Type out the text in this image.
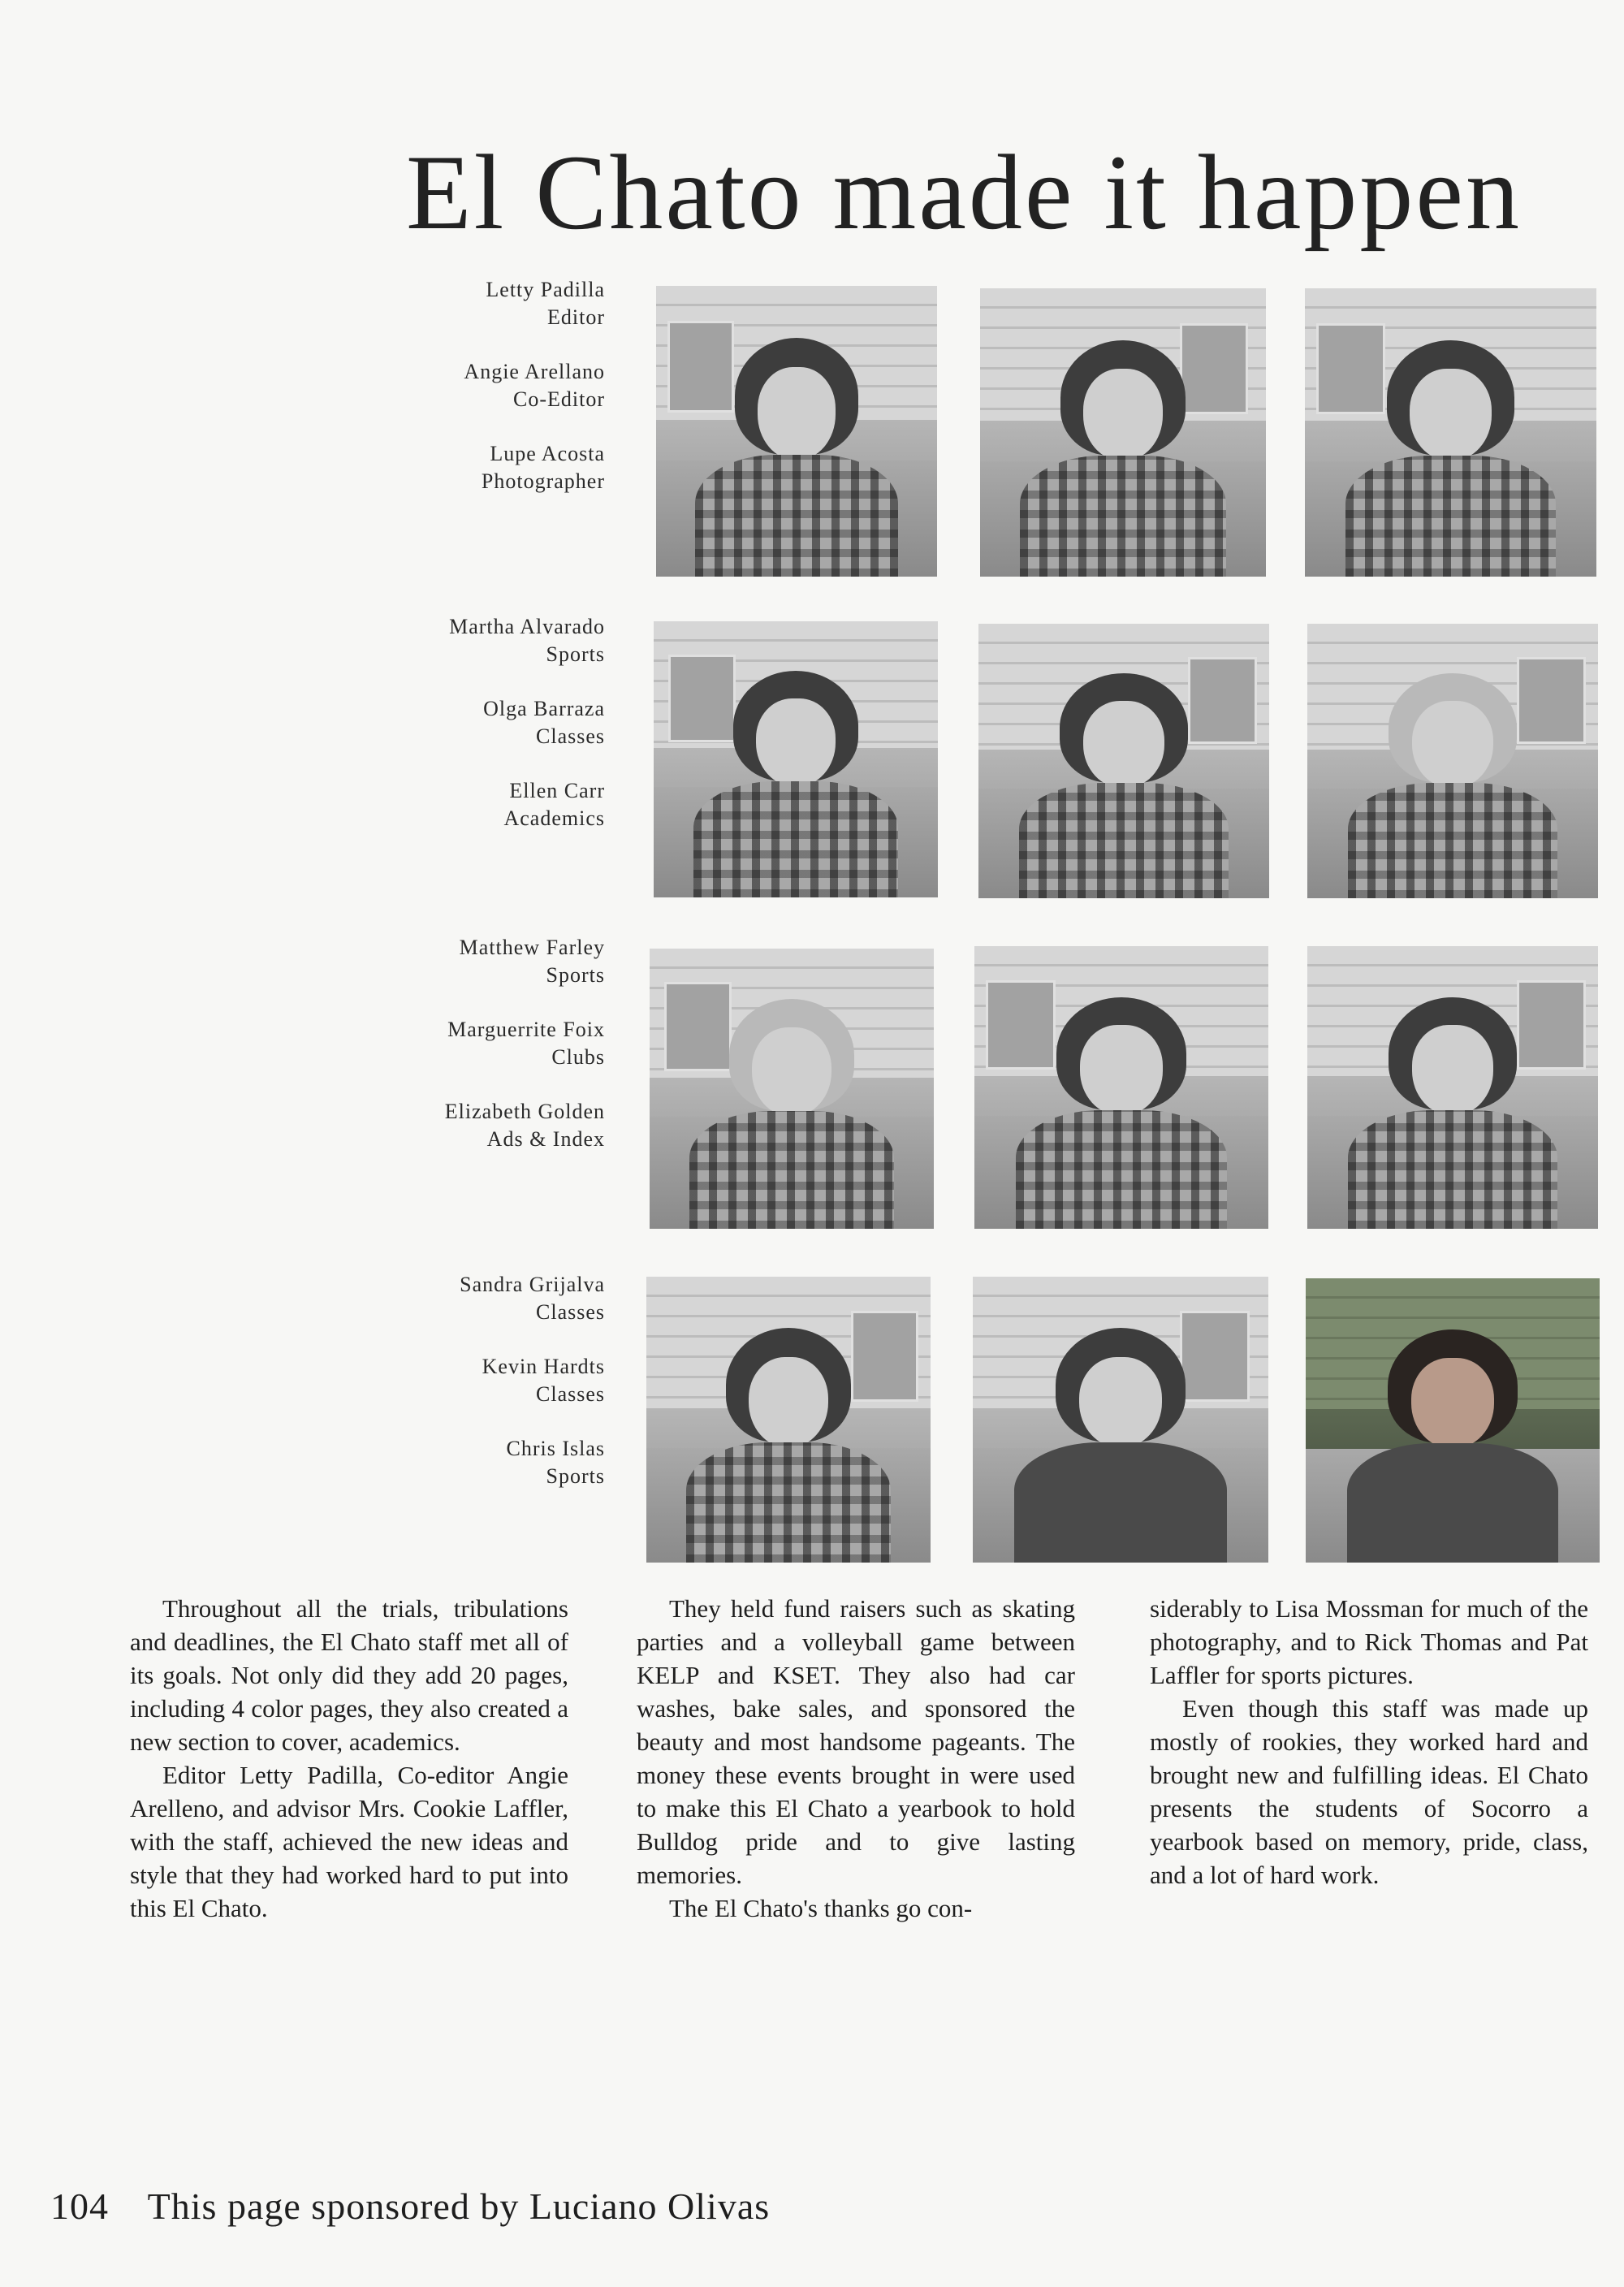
El Chato made it happen
Letty Padilla
Editor
Angie Arellano
Co-Editor
Lupe Acosta
Photographer
Martha Alvarado
Sports
Olga Barraza
Classes
Ellen Carr
Academics
Matthew Farley
Sports
Marguerrite Foix
Clubs
Elizabeth Golden
Ads & Index
Sandra Grijalva
Classes
Kevin Hardts
Classes
Chris Islas
Sports

Throughout all the trials, tribulations and deadlines, the El Chato staff met all of its goals. Not only did they add 20 pages, including 4 color pages, they also created a new section to cover, academics.

Editor Letty Padilla, Co-editor Angie Arelleno, and advisor Mrs. Cookie Laffler, with the staff, achieved the new ideas and style that they had worked hard to put into this El Chato.

They held fund raisers such as skating parties and a volleyball game between KELP and KSET. They also had car washes, bake sales, and sponsored the beauty and most handsome pageants. The money these events brought in were used to make this El Chato a yearbook to hold Bulldog pride and to give lasting memories.

The El Chato's thanks go con-

siderably to Lisa Mossman for much of the photography, and to Rick Thomas and Pat Laffler for sports pictures.

Even though this staff was made up mostly of rookies, they worked hard and brought new and fulfilling ideas. El Chato presents the students of Socorro a yearbook based on memory, pride, class, and a lot of hard work.

104 This page sponsored by Luciano Olivas
